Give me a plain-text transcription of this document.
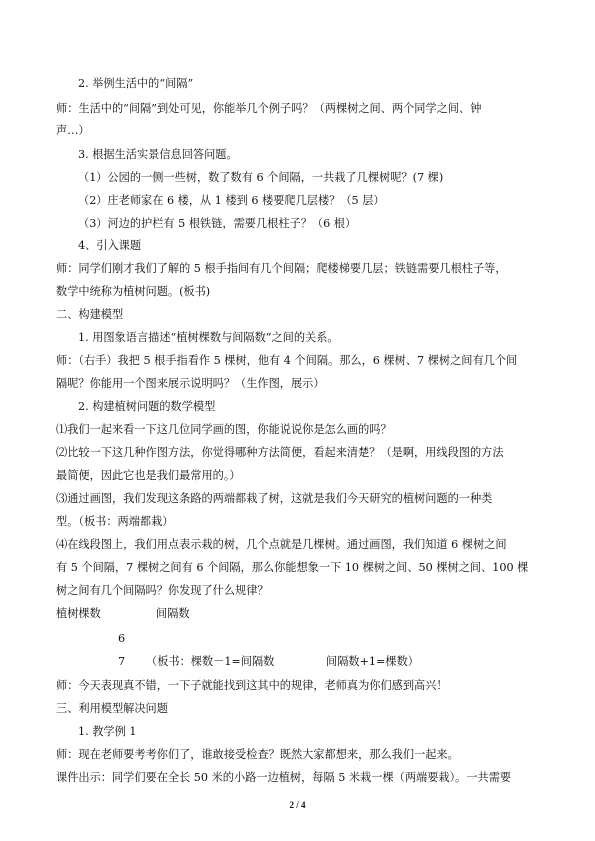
2. 举例生活中的“间隔”
师：生活中的“间隔”到处可见，你能举几个例子吗？（两棵树之间、两个同学之间、钟
声…）
3. 根据生活实景信息回答问题。
（1）公园的一侧一些树，数了数有 6 个间隔，一共栽了几棵树呢？(7 棵)
（2）庄老师家在 6 楼，从 1 楼到 6 楼要爬几层楼？（5 层）
（3）河边的护栏有 5 根铁链，需要几根柱子？（6 根）
4、引入课题
师：同学们刚才我们了解的 5 根手指间有几个间隔；爬楼梯要几层；铁链需要几根柱子等，
数学中统称为植树问题。(板书)
二、构建模型
1. 用图象语言描述“植树棵数与间隔数”之间的关系。
师：（右手）我把 5 根手指看作 5 棵树，他有 4 个间隔。那么，6 棵树、7 棵树之间有几个间
隔呢？你能用一个图来展示说明吗？（生作图，展示）
2. 构建植树问题的数学模型
⑴我们一起来看一下这几位同学画的图，你能说说你是怎么画的吗？
⑵比较一下这几种作图方法，你觉得哪种方法简便，看起来清楚？（是啊，用线段图的方法
最简便，因此它也是我们最常用的。）
⑶通过画图，我们发现这条路的两端都栽了树，这就是我们今天研究的植树问题的一种类
型。（板书：两端都栽）
⑷在线段图上，我们用点表示栽的树，几个点就是几棵树。通过画图，我们知道 6 棵树之间
有 5 个间隔，7 棵树之间有 6 个间隔，那么你能想象一下 10 棵树之间、50 棵树之间、100 棵
树之间有几个间隔吗？你发现了什么规律？
植树棵数	间隔数
6
7	（板书：棵数－1=间隔数	间隔数+1=棵数）
师：今天表现真不错，一下子就能找到这其中的规律，老师真为你们感到高兴！
三、利用模型解决问题
1. 教学例 1
师：现在老师要考考你们了，谁敢接受检查？既然大家都想来，那么我们一起来。
课件出示：同学们要在全长 50 米的小路一边植树，每隔 5 米栽一棵（两端要栽）。一共需要
2 / 4
